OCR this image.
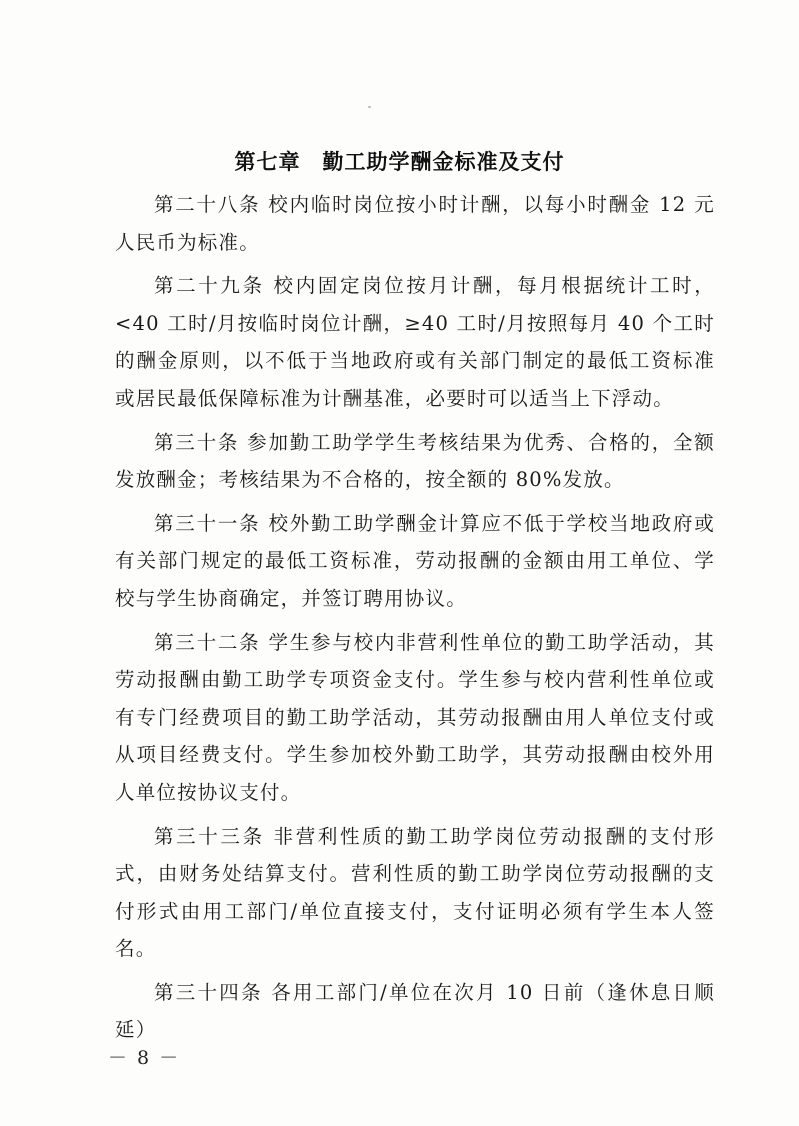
第七章　勤工助学酬金标准及支付

第二十八条 校内临时岗位按小时计酬，以每小时酬金 12 元人民币为标准。

第二十九条 校内固定岗位按月计酬，每月根据统计工时，<40 工时/月按临时岗位计酬，≥40 工时/月按照每月 40 个工时的酬金原则，以不低于当地政府或有关部门制定的最低工资标准或居民最低保障标准为计酬基准，必要时可以适当上下浮动。

第三十条 参加勤工助学学生考核结果为优秀、合格的，全额发放酬金；考核结果为不合格的，按全额的 80%发放。

第三十一条 校外勤工助学酬金计算应不低于学校当地政府或有关部门规定的最低工资标准，劳动报酬的金额由用工单位、学校与学生协商确定，并签订聘用协议。

第三十二条 学生参与校内非营利性单位的勤工助学活动，其劳动报酬由勤工助学专项资金支付。学生参与校内营利性单位或有专门经费项目的勤工助学活动，其劳动报酬由用人单位支付或从项目经费支付。学生参加校外勤工助学，其劳动报酬由校外用人单位按协议支付。

第三十三条 非营利性质的勤工助学岗位劳动报酬的支付形式，由财务处结算支付。营利性质的勤工助学岗位劳动报酬的支付形式由用工部门/单位直接支付，支付证明必须有学生本人签名。

第三十四条 各用工部门/单位在次月 10 日前（逢休息日顺延）

－ 8 －
